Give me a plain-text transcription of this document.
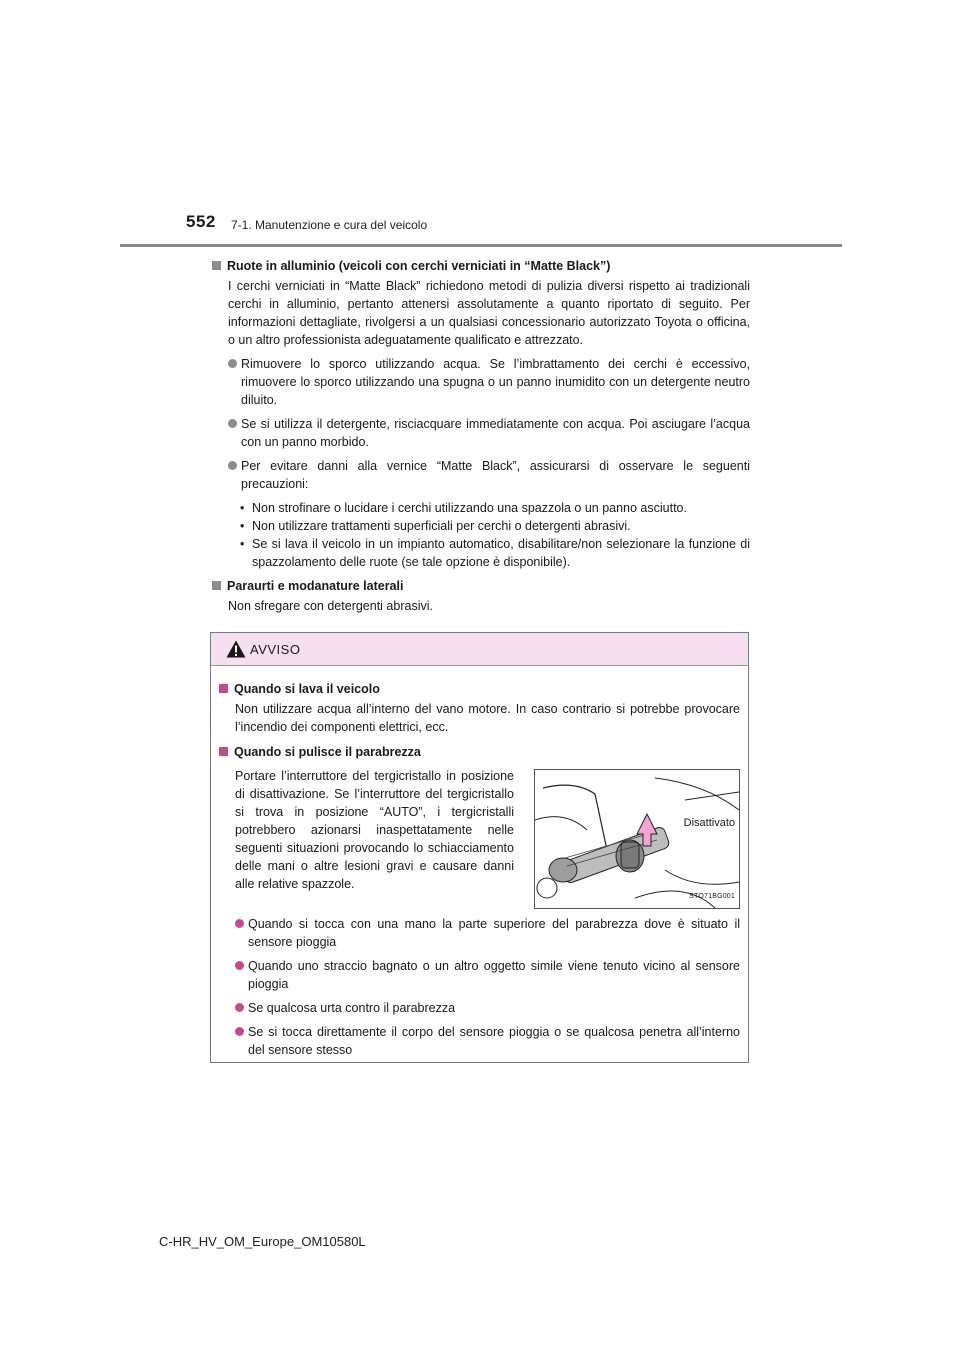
552 7-1. Manutenzione e cura del veicolo
Ruote in alluminio (veicoli con cerchi verniciati in “Matte Black”)
I cerchi verniciati in “Matte Black” richiedono metodi di pulizia diversi rispetto ai tradizionali cerchi in alluminio, pertanto attenersi assolutamente a quanto riportato di seguito. Per informazioni dettagliate, rivolgersi a un qualsiasi concessionario autorizzato Toyota o officina, o un altro professionista adeguatamente qualificato e attrezzato.
Rimuovere lo sporco utilizzando acqua. Se l’imbrattamento dei cerchi è eccessivo, rimuovere lo sporco utilizzando una spugna o un panno inumidito con un detergente neutro diluito.
Se si utilizza il detergente, risciacquare immediatamente con acqua. Poi asciugare l’acqua con un panno morbido.
Per evitare danni alla vernice “Matte Black”, assicurarsi di osservare le seguenti precauzioni:
• Non strofinare o lucidare i cerchi utilizzando una spazzola o un panno asciutto.
• Non utilizzare trattamenti superficiali per cerchi o detergenti abrasivi.
• Se si lava il veicolo in un impianto automatico, disabilitare/non selezionare la funzione di spazzolamento delle ruote (se tale opzione è disponibile).
Paraurti e modanature laterali
Non sfregare con detergenti abrasivi.
AVVISO
Quando si lava il veicolo
Non utilizzare acqua all’interno del vano motore. In caso contrario si potrebbe provocare l’incendio dei componenti elettrici, ecc.
Quando si pulisce il parabrezza
Portare l’interruttore del tergicristallo in posizione di disattivazione. Se l’interruttore del tergicristallo si trova in posizione “AUTO”, i tergicristalli potrebbero azionarsi inaspettatamente nelle seguenti situazioni provocando lo schiacciamento delle mani o altre lesioni gravi e causare danni alle relative spazzole.
Disattivato
STO71BG001
Quando si tocca con una mano la parte superiore del parabrezza dove è situato il sensore pioggia
Quando uno straccio bagnato o un altro oggetto simile viene tenuto vicino al sensore pioggia
Se qualcosa urta contro il parabrezza
Se si tocca direttamente il corpo del sensore pioggia o se qualcosa penetra all’interno del sensore stesso
C-HR_HV_OM_Europe_OM10580L
